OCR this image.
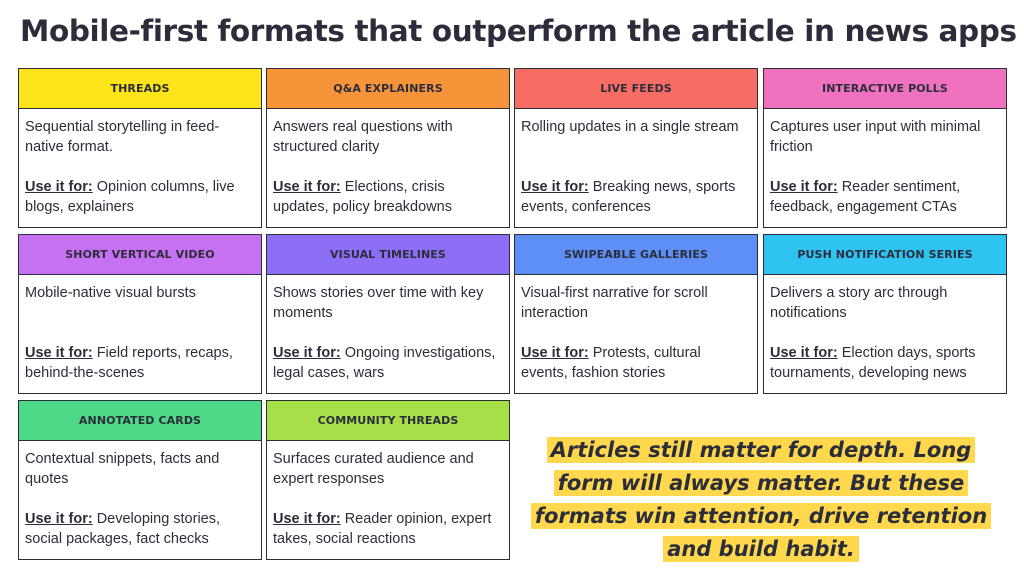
Mobile-first formats that outperform the article in news apps
THREADS
Sequential storytelling in feed-native format.
Use it for: Opinion columns, live blogs, explainers
Q&A EXPLAINERS
Answers real questions with structured clarity
Use it for: Elections, crisis updates, policy breakdowns
LIVE FEEDS
Rolling updates in a single stream
Use it for: Breaking news, sports events, conferences
INTERACTIVE POLLS
Captures user input with minimal friction
Use it for: Reader sentiment, feedback, engagement CTAs
SHORT VERTICAL VIDEO
Mobile-native visual bursts
Use it for: Field reports, recaps, behind-the-scenes
VISUAL TIMELINES
Shows stories over time with key moments
Use it for: Ongoing investigations, legal cases, wars
SWIPEABLE GALLERIES
Visual-first narrative for scroll interaction
Use it for: Protests, cultural events, fashion stories
PUSH NOTIFICATION SERIES
Delivers a story arc through notifications
Use it for: Election days, sports tournaments, developing news
ANNOTATED CARDS
Contextual snippets, facts and quotes
Use it for: Developing stories, social packages, fact checks
COMMUNITY THREADS
Surfaces curated audience and expert responses
Use it for: Reader opinion, expert takes, social reactions
Articles still matter for depth. Long form will always matter. But these formats win attention, drive retention and build habit.
